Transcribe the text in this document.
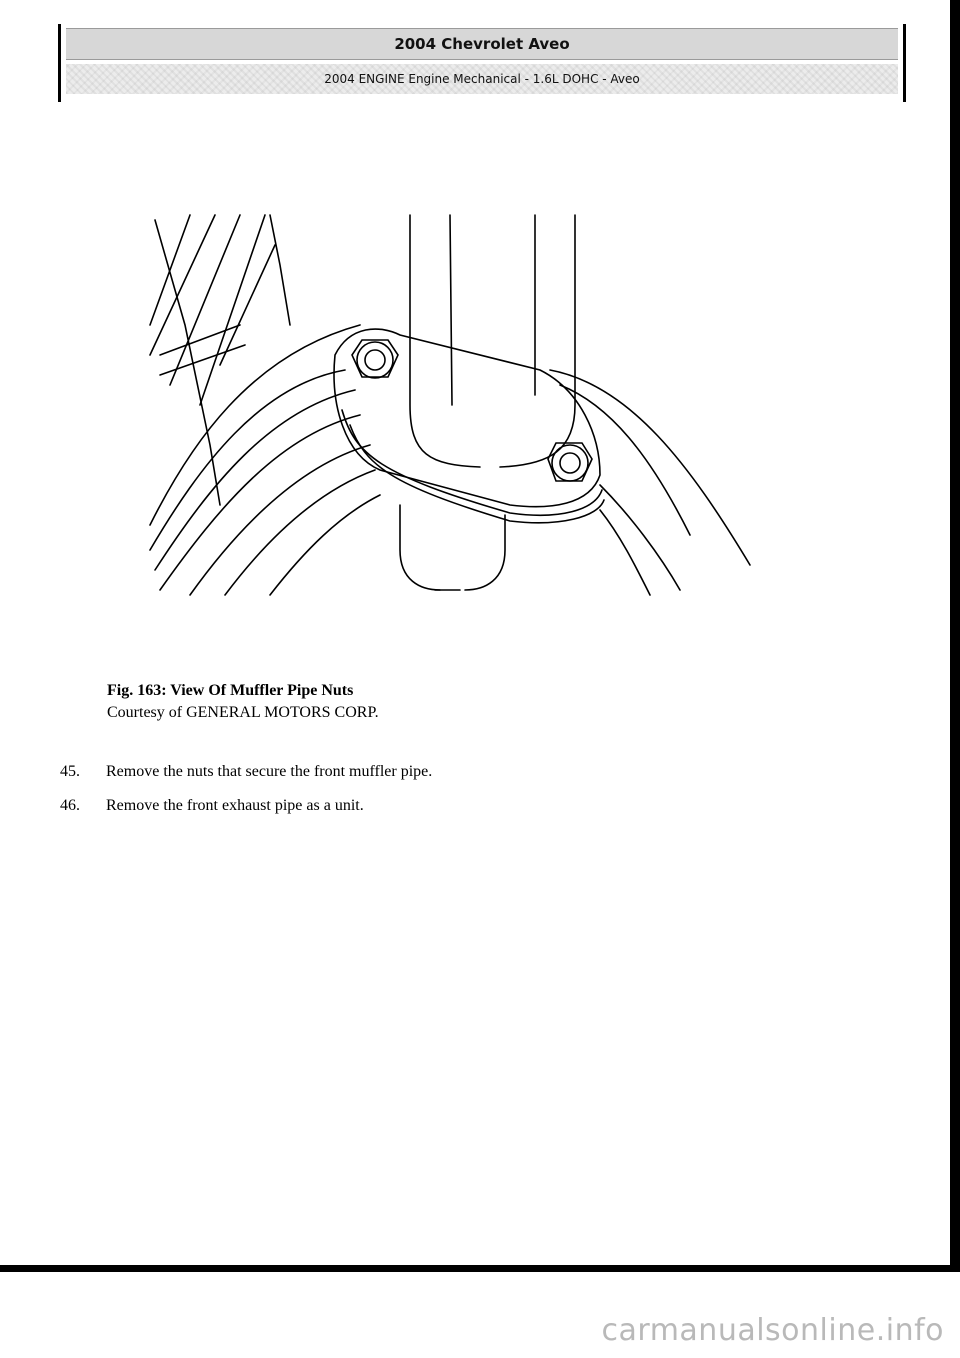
2004 Chevrolet Aveo
2004 ENGINE Engine Mechanical - 1.6L DOHC - Aveo
Fig. 163: View Of Muffler Pipe Nuts
Courtesy of GENERAL MOTORS CORP.
45.	Remove the nuts that secure the front muffler pipe.
46.	Remove the front exhaust pipe as a unit.
carmanualsonline.info
